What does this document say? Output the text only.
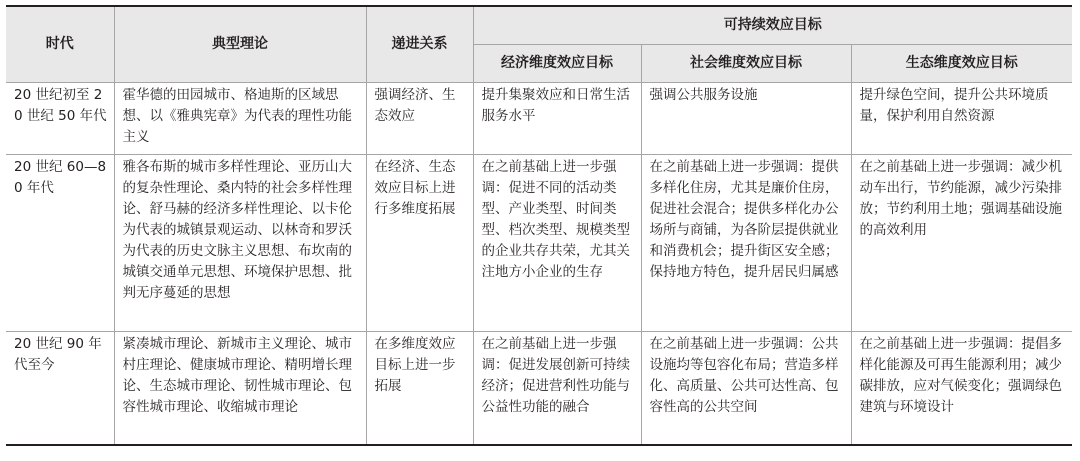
时代	典型理论	递进关系	可持续效应目标		
			经济维度效应目标	社会维度效应目标	生态维度效应目标

20 世纪初至 20 世纪 50 年代	霍华德的田园城市、格迪斯的区域思想、以《雅典宪章》为代表的理性功能主义	强调经济、生态效应	提升集聚效应和日常生活服务水平	强调公共服务设施	提升绿色空间，提升公共环境质量，保护利用自然资源

20 世纪 60—80 年代	雅各布斯的城市多样性理论、亚历山大的复杂性理论、桑内特的社会多样性理论、舒马赫的经济多样性理论、以卡伦为代表的城镇景观运动、以林奇和罗沃为代表的历史文脉主义思想、布坎南的城镇交通单元思想、环境保护思想、批判无序蔓延的思想	在经济、生态效应目标上进行多维度拓展	在之前基础上进一步强调：促进不同的活动类型、产业类型、时间类型、档次类型、规模类型的企业共存共荣，尤其关注地方小企业的生存	在之前基础上进一步强调：提供多样化住房，尤其是廉价住房，促进社会混合；提供多样化办公场所与商铺，为各阶层提供就业和消费机会；提升街区安全感；保持地方特色，提升居民归属感	在之前基础上进一步强调：减少机动车出行，节约能源，减少污染排放；节约利用土地；强调基础设施的高效利用

20 世纪 90 年代至今	紧凑城市理论、新城市主义理论、城市村庄理论、健康城市理论、精明增长理论、生态城市理论、韧性城市理论、包容性城市理论、收缩城市理论	在多维度效应目标上进一步拓展	在之前基础上进一步强调：促进发展创新可持续经济；促进营利性功能与公益性功能的融合	在之前基础上进一步强调：公共设施均等包容化布局；营造多样化、高质量、公共可达性高、包容性高的公共空间	在之前基础上进一步强调：提倡多样化能源及可再生能源利用；减少碳排放，应对气候变化；强调绿色建筑与环境设计
